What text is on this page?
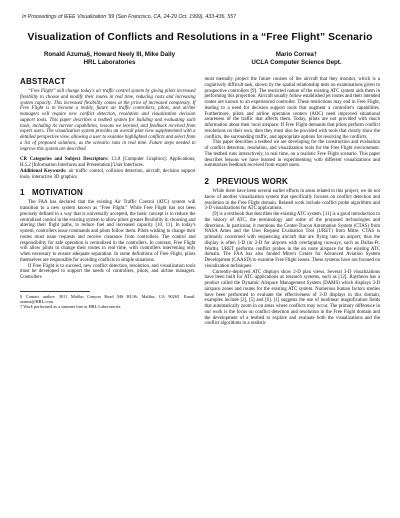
In Proceedings of IEEE Visualization '99 (San Francisco, CA, 24-29 Oct. 1999), 433-436, 557
Visualization of Conflicts and Resolutions in a “Free Flight” Scenario
Ronald Azuma§, Howard Neely III, Mike Daily
HRL Laboratories
Mario Correa†
UCLA Computer Science Dept.
ABSTRACT

“Free Flight” will change today's air traffic control system by giving pilots increased flexibility to choose and modify their routes in real time, reducing costs and increasing system capacity. This increased flexibility comes at the price of increased complexity. If Free Flight is to become a reality, future air traffic controllers, pilots, and airline managers will require new conflict detection, resolution and visualization decision support tools. This paper describes a testbed system for building and evaluating such tools, including its current capabilities, lessons we learned, and feedback received from expert users. The visualization system provides an overall plan view supplemented with a detailed perspective view, allowing a user to examine highlighted conflicts and select from a list of proposed solutions, as the scenario runs in real time. Future steps needed to improve this system are described.

CR Categories and Subject Descriptors: I.3.8 [Computer Graphics]: Applications; H.5.2 [Information Interfaces and Presentation]:User Interfaces.

Additional Keywords: air traffic control, collision detection, aircraft, decision support tools, interactive 3D graphics

1 MOTIVATION

The FAA has declared that the existing Air Traffic Control (ATC) system will transition to a new system known as “Free Flight.” While Free Flight has not been precisely defined in a way that is universally accepted, the basic concept is to reduce the centralized control in the existing system to allow pilots greater flexibility in choosing and altering their flight paths, to reduce fuel and increased capacity [10, 11]. In today's system, controllers issue commands and pilots follow them. Pilots wishing to change their routes must issue requests and receive clearance from controllers. The control and responsibility for safe operation is centralized in the controllers. In contrast, Free Flight will allow pilots to change their routes in real time, with controllers intervening only when necessary to ensure adequate separation. In some definitions of Free Flight, pilots themselves are responsible for avoiding conflicts in simple situations.

If Free Flight is to succeed, new conflict detection, resolution, and visualization tools must be developed to support the needs of controllers, pilots, and airline managers. Controllers

§ Contact author: 3011 Malibu Canyon Road MS RL96; Malibu, CA 90265. Email: azuma@HRL.com

† Work performed as a summer hire at HRL Laboratories

must mentally project the future courses of the aircraft that they monitor, which is a cognitively difficult task, shown by the spatial relationship tests on examinations given to prospective controllers [9]. The restricted nature of the existing ATC system aids them in performing this projection. Aircraft usually follow established jet routes and their intended routes are known to an experienced controller. These restrictions may end in Free Flight, leading to a need for decision support tools that augment a controller's capabilities. Furthermore, pilots and airline operation centers (AOC) need improved situational awareness of the traffic that affects them. Today, pilots are not provided with much information about their local airspace. If Free Flight demands that pilots perform conflict resolutions on their own, then they must also be provided with tools that clearly show the conflicts, the surrounding traffic, and appropriate options for resolving the conflicts.

This paper describes a testbed we are developing for the construction and evaluation of conflict detection, resolution, and visualization tools for the Free Flight environment. The testbed runs interactively, in real time, on a realistic Free Flight scenario. This paper describes lessons we have learned in experimenting with different visualizations and summarizes feedback received from expert users.

2 PREVIOUS WORK

While there have been several earlier efforts in areas related to this project, we do not know of another visualization system that specifically focuses on conflict detection and resolution in the Free Flight domain. Related work include conflict probe algorithms and 3-D visualizations for ATC applications.

[9] is a textbook that describes the existing ATC system. [11] is a good introduction to the history of ATC, the terminology and some of the proposed technologies and directions. In particular, it mentions the Center-Tracon Automation System (CTAS) from NASA Ames and the User Request Evaluation Tool (URET) from Mitre. CTAS is primarily concerned with sequencing aircraft that are flying into an airport; thus the display is often 1-D (or 2-D for airports with overlapping runways, such as Dallas-Ft. Worth). URET performs conflict probes in the en route airspace for the existing ATC domain. The FAA has also funded Mitre's Center for Advanced Aviation System Development (CAASD) to examine Free Flight issues. These systems have not focused on visualization techniques.

Currently-deployed ATC displays show 2-D plan views. Several 3-D visualizations have been built for ATC applications as research systems, such as [12]. Raytheon has a product called the Dynamic Airspace Management System (DAMS) which displays 3-D airspace zones and routes for the existing ATC system. Numerous human factors studies have been performed to evaluate the effectiveness of 3-D displays in this domain; examples include [2], [5] and [6]. [1] suggests the use of nonlinear magnification fields that automatically zoom in on areas where conflicts may occur. The primary difference in our work is the focus on conflict detection and resolution in the Free Flight domain and the development of a testbed to explore and evaluate both the visualizations and the conflict algorithms in a realistic
